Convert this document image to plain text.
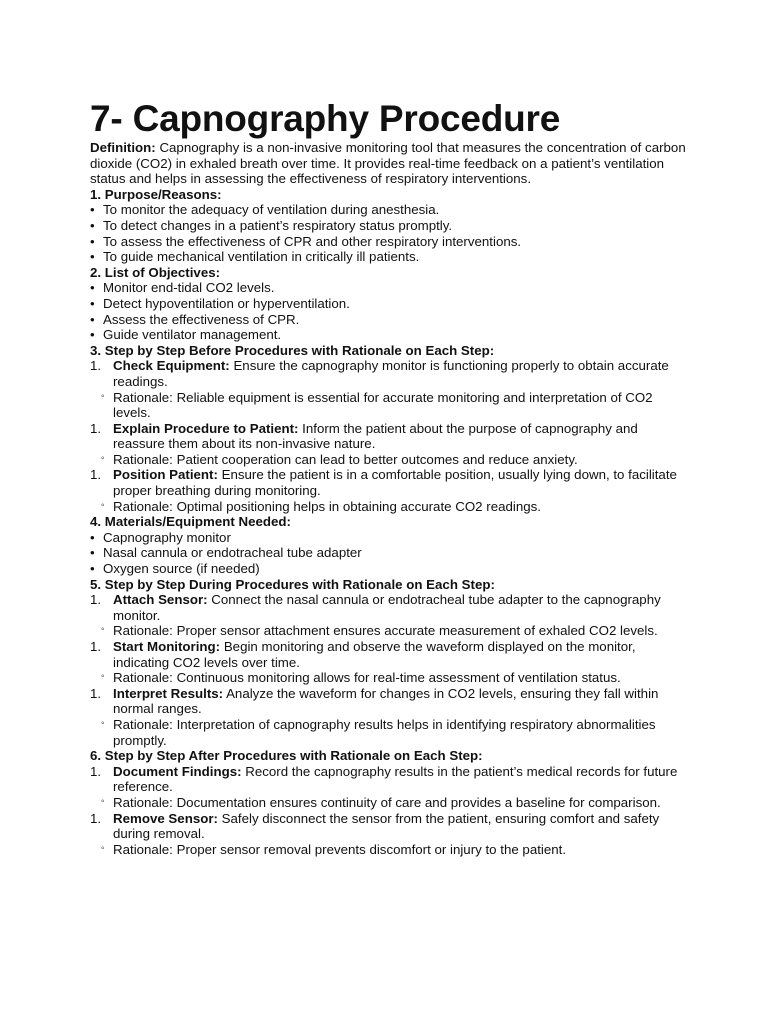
7- Capnography Procedure

Definition: Capnography is a non-invasive monitoring tool that measures the concentration of carbon dioxide (CO2) in exhaled breath over time. It provides real-time feedback on a patient’s ventilation status and helps in assessing the effectiveness of respiratory interventions.

1. Purpose/Reasons:

• To monitor the adequacy of ventilation during anesthesia.
• To detect changes in a patient’s respiratory status promptly.
• To assess the effectiveness of CPR and other respiratory interventions.
• To guide mechanical ventilation in critically ill patients.

2. List of Objectives:

• Monitor end-tidal CO2 levels.
• Detect hypoventilation or hyperventilation.
• Assess the effectiveness of CPR.
• Guide ventilator management.

3. Step by Step Before Procedures with Rationale on Each Step:

1. Check Equipment: Ensure the capnography monitor is functioning properly to obtain accurate readings.
◦ Rationale: Reliable equipment is essential for accurate monitoring and interpretation of CO2 levels.
1. Explain Procedure to Patient: Inform the patient about the purpose of capnography and reassure them about its non-invasive nature.
◦ Rationale: Patient cooperation can lead to better outcomes and reduce anxiety.
1. Position Patient: Ensure the patient is in a comfortable position, usually lying down, to facilitate proper breathing during monitoring.
◦ Rationale: Optimal positioning helps in obtaining accurate CO2 readings.

4. Materials/Equipment Needed:

• Capnography monitor
• Nasal cannula or endotracheal tube adapter
• Oxygen source (if needed)

5. Step by Step During Procedures with Rationale on Each Step:

1. Attach Sensor: Connect the nasal cannula or endotracheal tube adapter to the capnography monitor.
◦ Rationale: Proper sensor attachment ensures accurate measurement of exhaled CO2 levels.
1. Start Monitoring: Begin monitoring and observe the waveform displayed on the monitor, indicating CO2 levels over time.
◦ Rationale: Continuous monitoring allows for real-time assessment of ventilation status.
1. Interpret Results: Analyze the waveform for changes in CO2 levels, ensuring they fall within normal ranges.
◦ Rationale: Interpretation of capnography results helps in identifying respiratory abnormalities promptly.

6. Step by Step After Procedures with Rationale on Each Step:

1. Document Findings: Record the capnography results in the patient’s medical records for future reference.
◦ Rationale: Documentation ensures continuity of care and provides a baseline for comparison.
1. Remove Sensor: Safely disconnect the sensor from the patient, ensuring comfort and safety during removal.
◦ Rationale: Proper sensor removal prevents discomfort or injury to the patient.
